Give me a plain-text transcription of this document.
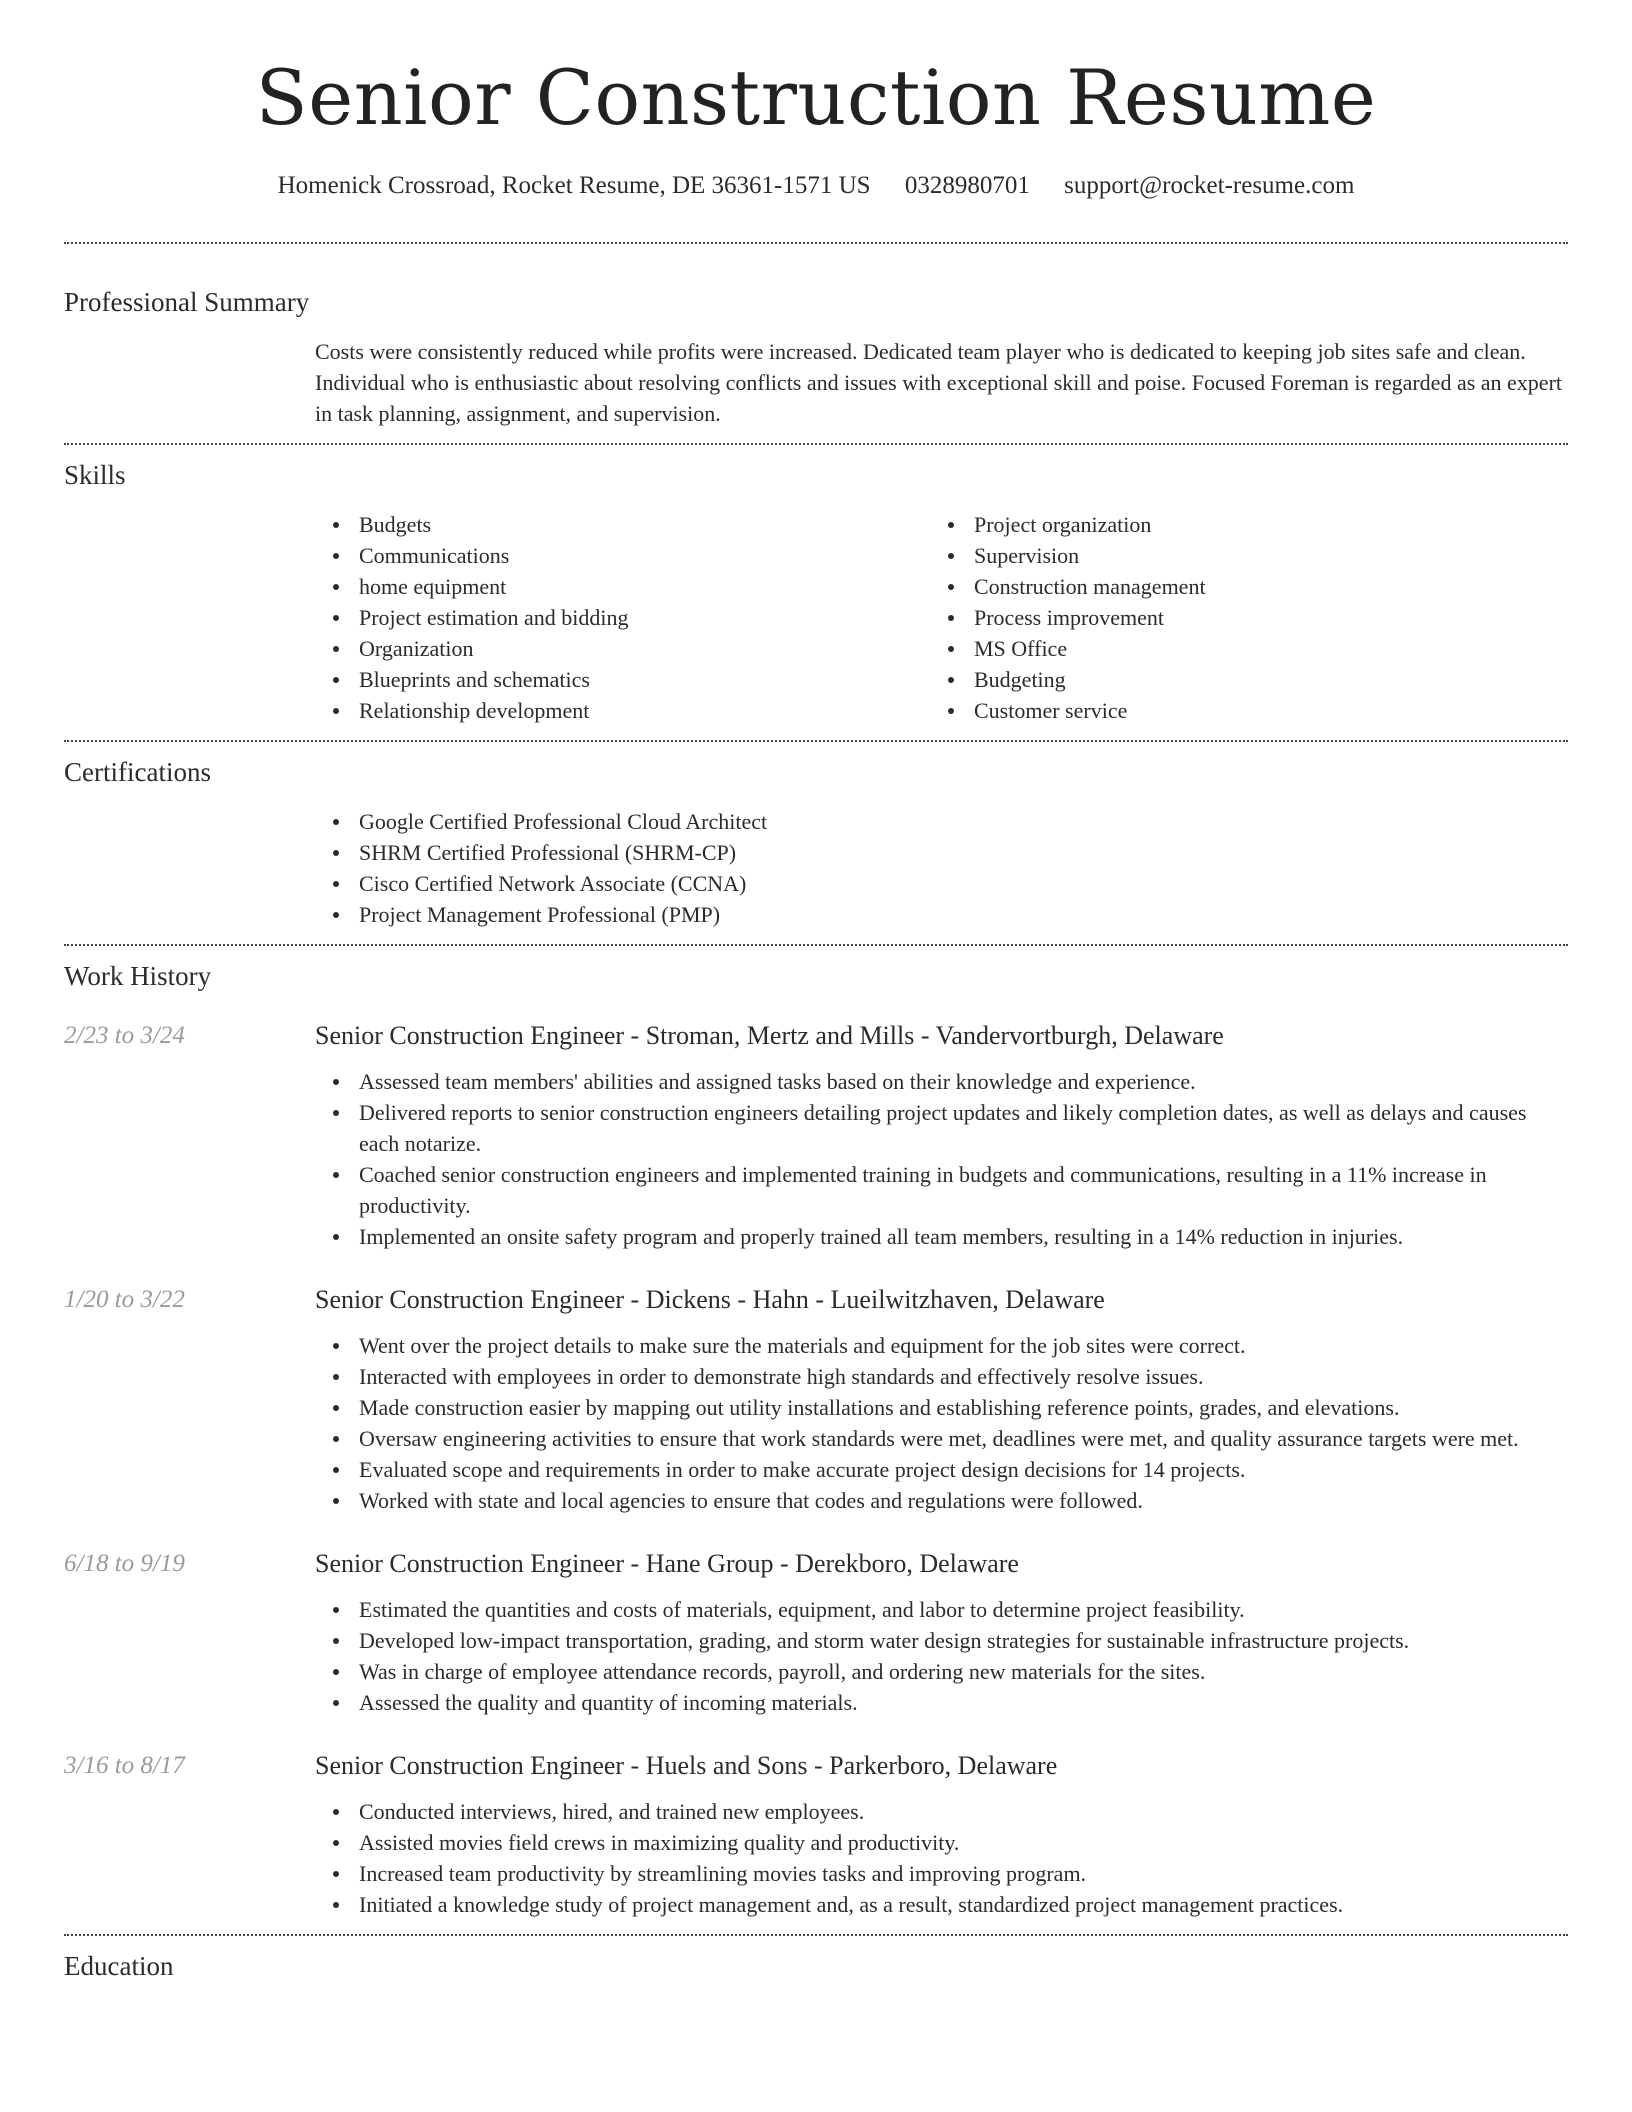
Senior Construction Resume
Homenick Crossroad, Rocket Resume, DE 36361-1571 US 0328980701 support@rocket-resume.com
Professional Summary
Costs were consistently reduced while profits were increased. Dedicated team player who is dedicated to keeping job sites safe and clean. Individual who is enthusiastic about resolving conflicts and issues with exceptional skill and poise. Focused Foreman is regarded as an expert in task planning, assignment, and supervision.
Skills
Budgets
Communications
home equipment
Project estimation and bidding
Organization
Blueprints and schematics
Relationship development
Project organization
Supervision
Construction management
Process improvement
MS Office
Budgeting
Customer service
Certifications
Google Certified Professional Cloud Architect
SHRM Certified Professional (SHRM-CP)
Cisco Certified Network Associate (CCNA)
Project Management Professional (PMP)
Work History
2/23 to 3/24	Senior Construction Engineer - Stroman, Mertz and Mills - Vandervortburgh, Delaware
Assessed team members' abilities and assigned tasks based on their knowledge and experience.
Delivered reports to senior construction engineers detailing project updates and likely completion dates, as well as delays and causes each notarize.
Coached senior construction engineers and implemented training in budgets and communications, resulting in a 11% increase in productivity.
Implemented an onsite safety program and properly trained all team members, resulting in a 14% reduction in injuries.
1/20 to 3/22	Senior Construction Engineer - Dickens - Hahn - Lueilwitzhaven, Delaware
Went over the project details to make sure the materials and equipment for the job sites were correct.
Interacted with employees in order to demonstrate high standards and effectively resolve issues.
Made construction easier by mapping out utility installations and establishing reference points, grades, and elevations.
Oversaw engineering activities to ensure that work standards were met, deadlines were met, and quality assurance targets were met.
Evaluated scope and requirements in order to make accurate project design decisions for 14 projects.
Worked with state and local agencies to ensure that codes and regulations were followed.
6/18 to 9/19	Senior Construction Engineer - Hane Group - Derekboro, Delaware
Estimated the quantities and costs of materials, equipment, and labor to determine project feasibility.
Developed low-impact transportation, grading, and storm water design strategies for sustainable infrastructure projects.
Was in charge of employee attendance records, payroll, and ordering new materials for the sites.
Assessed the quality and quantity of incoming materials.
3/16 to 8/17	Senior Construction Engineer - Huels and Sons - Parkerboro, Delaware
Conducted interviews, hired, and trained new employees.
Assisted movies field crews in maximizing quality and productivity.
Increased team productivity by streamlining movies tasks and improving program.
Initiated a knowledge study of project management and, as a result, standardized project management practices.
Education
